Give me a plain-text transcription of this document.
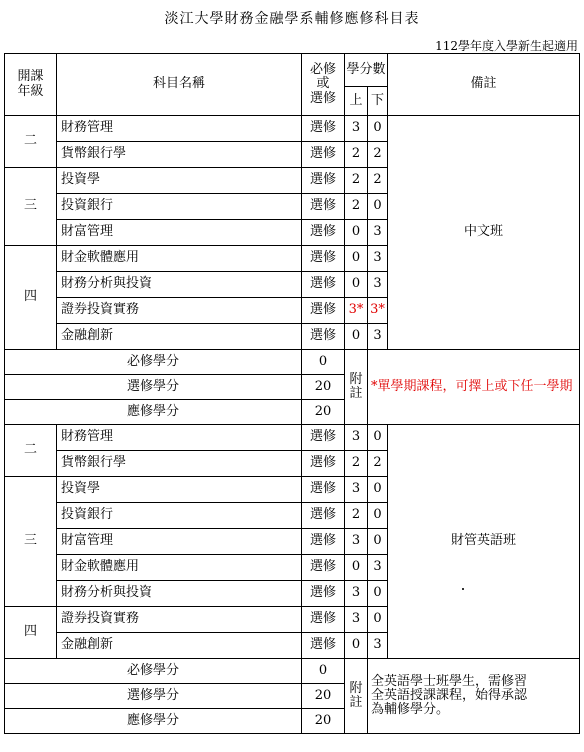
淡江大學財務金融學系輔修應修科目表
112學年度入學新生起適用
開課
年級	科目名稱	必修
或
選修	學分數		備註
			上	下	
二	財務管理	選修	3	0	中文班
	貨幣銀行學	選修	2	2	
三	投資學	選修	2	2	
	投資銀行	選修	2	0	
	財富管理	選修	0	3	
四	財金軟體應用	選修	0	3	
	財務分析與投資	選修	0	3	
	證券投資實務	選修	3*	3*	
	金融創新	選修	0	3	
必修學分		0	附
註	*單學期課程，可擇上或下任一學期	
選修學分		20			
應修學分		20			
二	財務管理	選修	3	0	財管英語班
	貨幣銀行學	選修	2	2	
三	投資學	選修	3	0	
	投資銀行	選修	2	0	
	財富管理	選修	3	0	
	財金軟體應用	選修	0	3	
	財務分析與投資	選修	3	0	
四	證券投資實務	選修	3	0	
	金融創新	選修	0	3	
必修學分		0	附
註	全英語學士班學生，需修習
全英語授課課程，始得承認
為輔修學分。	
選修學分		20			
應修學分		20			
